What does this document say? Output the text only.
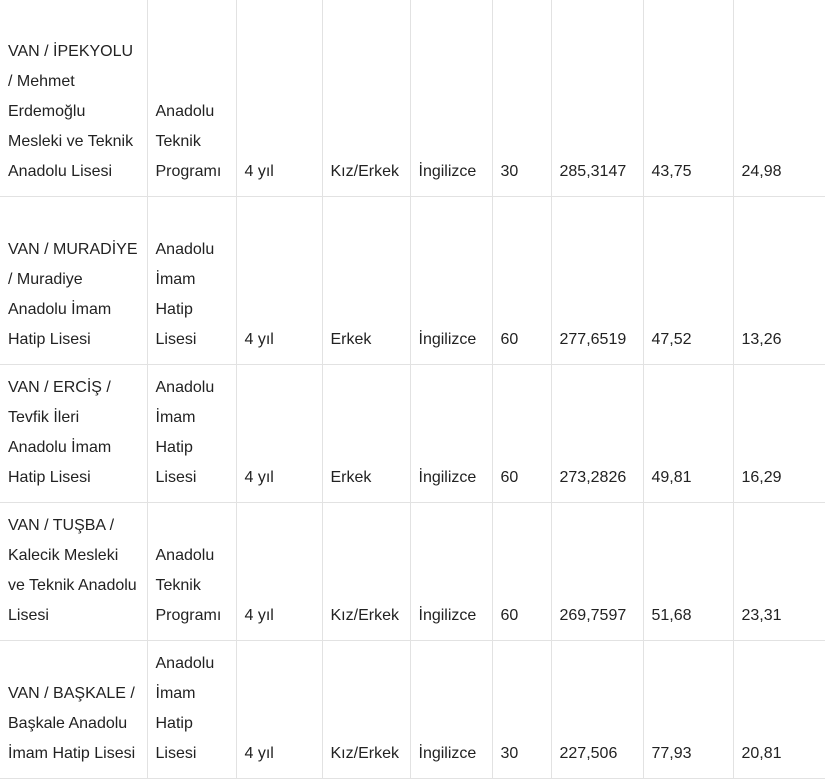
VAN / İPEKYOLU / Mehmet Erdemoğlu Mesleki ve Teknik Anadolu Lisesi	Anadolu Teknik Programı	4 yıl	Kız/Erkek	İngilizce	30	285,3147	43,75	24,98
VAN / MURADİYE / Muradiye Anadolu İmam Hatip Lisesi	Anadolu İmam Hatip Lisesi	4 yıl	Erkek	İngilizce	60	277,6519	47,52	13,26
VAN / ERCİŞ / Tevfik İleri Anadolu İmam Hatip Lisesi	Anadolu İmam Hatip Lisesi	4 yıl	Erkek	İngilizce	60	273,2826	49,81	16,29
VAN / TUŞBA / Kalecik Mesleki ve Teknik Anadolu Lisesi	Anadolu Teknik Programı	4 yıl	Kız/Erkek	İngilizce	60	269,7597	51,68	23,31
VAN / BAŞKALE / Başkale Anadolu İmam Hatip Lisesi	Anadolu İmam Hatip Lisesi	4 yıl	Kız/Erkek	İngilizce	30	227,506	77,93	20,81
